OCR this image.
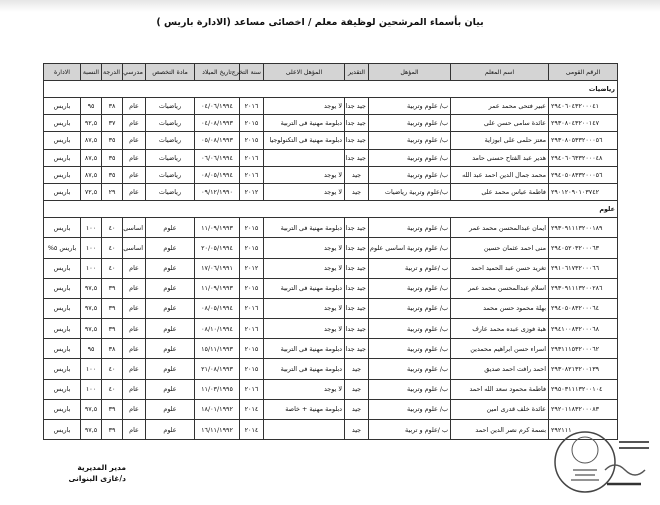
بيان بأسماء المرشحين لوظيفة معلم / اخصائى مساعد (الادارة باريس )
الرقم القومى	اسم المعلم	المؤهل	التقدير	المؤهل الاعلى	سنة التخرج	تاريخ الميلاد	مادة التخصص	مدرسي	الدرجة	النسبة	الادارة
رياضيات											
٢٩٤٠٦٠٤٣٢٠٠٠٤١	عبير فتحى محمد عمر	ب/ علوم وتربية	جيد جدا	لا يوجد	٢٠١٦	٠٤/٠٦/١٩٩٤	رياضيات	عام	٣٨	٩٥	باريس
٢٩٣٠٨٠٤٣٢٠٠١٤٧	عائدة سامى حسن على	ب/ علوم وتربية	جيد جدا	دبلومة مهنية فى التربية	٢٠١٥	٠٤/٠٨/١٩٩٣	رياضيات	عام	٣٧	٩٢,٥	باريس
٢٩٣٠٨٠٥٣٣٢٠٠٠٥٦	معتز حلمى على ابوزاية	ب/ علوم وتربية	جيد جدا	دبلومة مهنية فى التكنولوجيا	٢٠١٥	٠٥/٠٨/١٩٩٣	رياضيات	عام	٣٥	٨٧,٥	باريس
٢٩٤٠٦٠٦٣٣٢٠٠٠٤٨	هدير عبد الفتاح حسنى حامد	ب/ علوم وتربية	جيد جدا		٢٠١٦	٠٦/٠٦/١٩٩٤	رياضيات	عام	٣٥	٨٧,٥	باريس
٢٩٤٠٥٠٨٣٣٢٠٠٠٥٦	محمد جمال الدين احمد عبد الله	ب/ علوم وتربية	جيد	لا يوجد	٢٠١٦	٠٨/٠٥/١٩٩٤	رياضيات	عام	٣٥	٨٧,٥	باريس
٢٩٠١٢٠٩٠١٠٣٧٤٢	فاطمة عباس محمد على	ب/علوم وتربية رياضيات	جيد	لا يوجد	٢٠١٢	٠٩/١٢/١٩٩٠	رياضيات	عام	٢٩	٧٢,٥	باريس
علوم											
٢٩٣٠٩١١١٣٢٠٠١٨٩	ايمان عبدالمحسن محمد عمر	ب/ علوم وتربية	جيد جدا	دبلومة مهنية فى التربية	٢٠١٥	١١/٠٩/١٩٩٣	علوم	اساسى	٤٠	١٠٠	باريس
٢٩٤٠٥٢٠٣٢٠٠٠٦٣	منى احمد عثمان حسين	ب/ علوم وتربية اساسى علوم	جيد جدا	لا يوجد	٢٠١٥	٢٠/٠٥/١٩٩٤	علوم	اساسى	٤٠	١٠٠	باريس ٥%
٢٩١٠٦١٧٣٢٠٠٠٦٦	تغريد حسن عبد الحميد احمد	ب /علوم و تربية	جيد جدا	لا يوجد	٢٠١٢	١٧/٠٦/١٩٩١	علوم	عام	٤٠	١٠٠	باريس
٢٩٣٠٩١١١٣٢٠٠٢٨٦	اسلام عبدالمحسن محمد عمر	ب/ علوم وتربية	جيد جدا	دبلومة مهنية فى التربية	٢٠١٥	١١/٠٩/١٩٩٣	علوم	عام	٣٩	٩٧,٥	باريس
٢٩٤٠٥٠٨٣٢٠٠٠٦٤	بهلة محمود حسن محمد	ب/ علوم وتربية	جيد جدا	لا يوجد	٢٠١٦	٠٨/٠٥/١٩٩٤	علوم	عام	٣٩	٩٧,٥	باريس
٢٩٤١٠٠٨٣٢٠٠٠٦٨	هبة فوزى عبده محمد عارف	ب/ علوم وتربية	جيد جدا	لا يوجد	٢٠١٦	٠٨/١٠/١٩٩٤	علوم	عام	٣٩	٩٧,٥	باريس
٢٩٣١١١٥٣٢٠٠٠٦٢	اسراء حسن ابراهيم محمدين	ب/ علوم وتربية	جيد جدا	دبلومة مهنية فى التربية	٢٠١٥	١٥/١١/١٩٩٣	علوم	عام	٣٨	٩٥	باريس
٢٩٣٠٨٢١٣٢٠٠١٣٩	احمد رافت احمد صديق	ب/ علوم وتربية	جيد	دبلومة مهنية فى التربية	٢٠١٥	٢١/٠٨/١٩٩٣	علوم	عام	٤٠	١٠٠	باريس
٢٩٥٠٣١١١٣٢٠٠١٠٤	فاطمة محمود سعد الله احمد	ب/ علوم وتربية	جيد	لا يوجد	٢٠١٦	١١/٠٣/١٩٩٥	علوم	عام	٤٠	١٠٠	باريس
٢٩٢٠١١٨٣٢٠٠٠٨٣	عائدة خلف قدرى امين	ب/ علوم وتربية	جيد	دبلومة مهنية + خاصة	٢٠١٤	١٨/٠١/١٩٩٢	علوم	عام	٣٩	٩٧,٥	باريس
٢٩٢١١١	بسمة كرم نصر الدين احمد	ب /علوم و تربية	جيد		٢٠١٤	١٦/١١/١٩٩٢	علوم	عام	٣٩	٩٧,٥	باريس
مدير المديرية
د/غازى البنوانى
